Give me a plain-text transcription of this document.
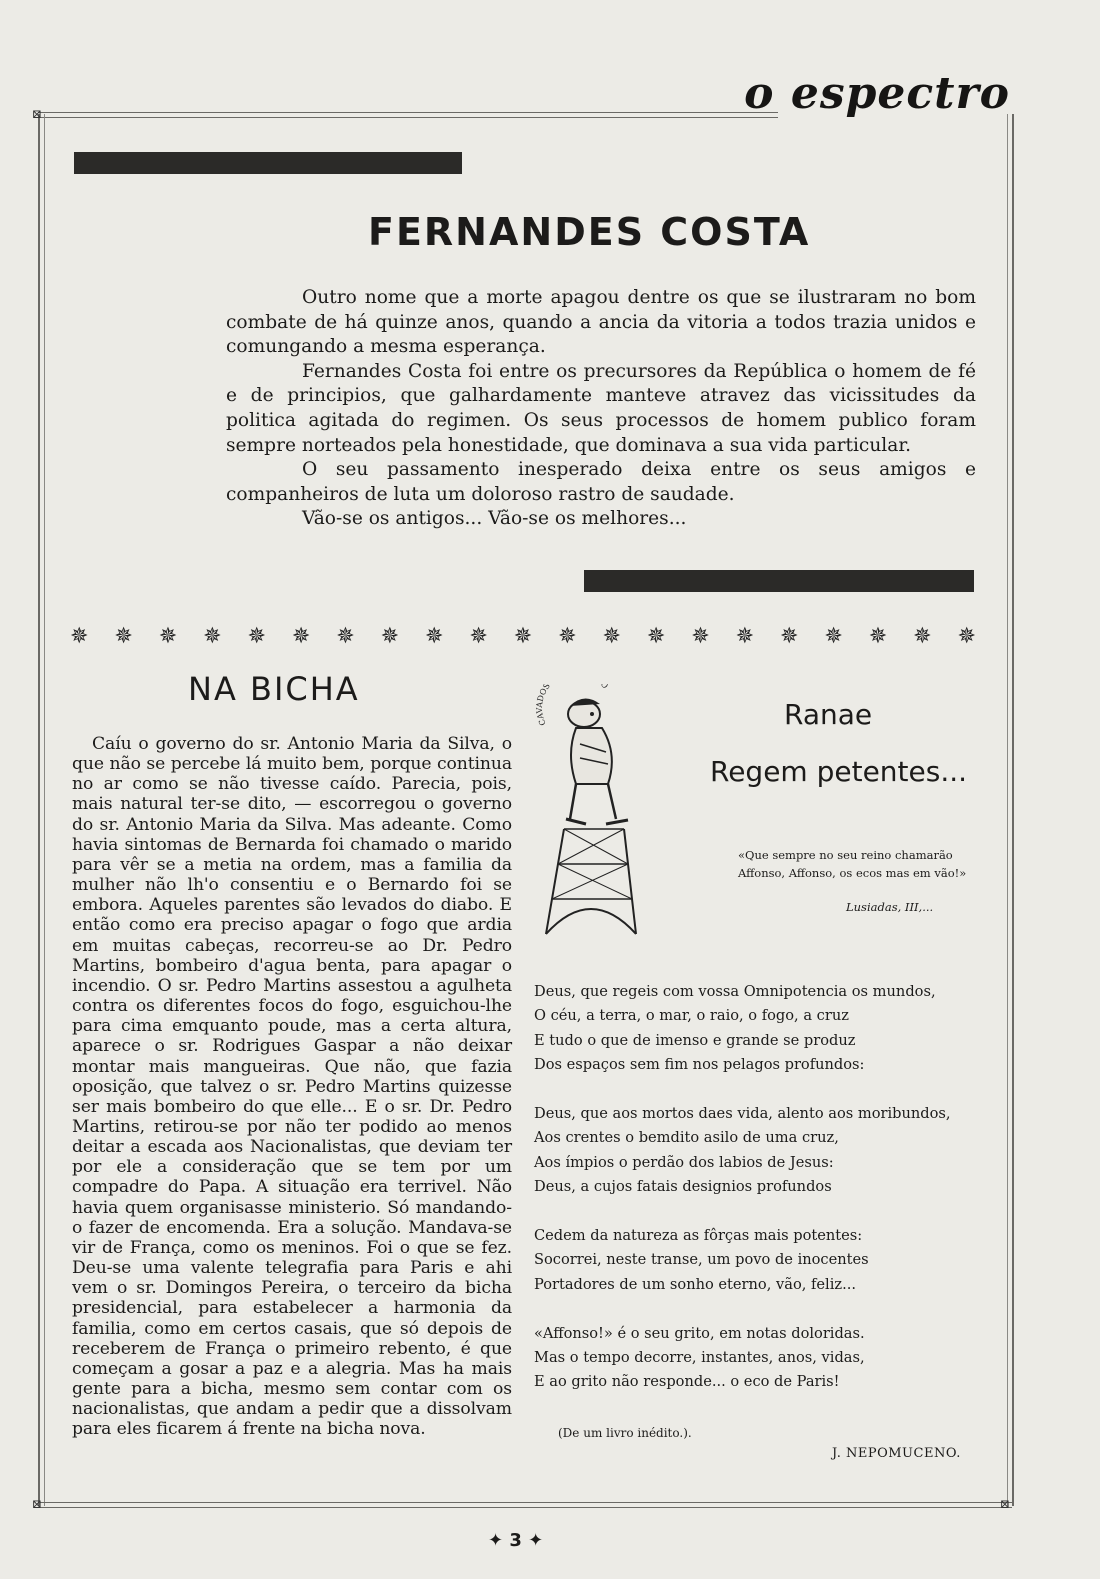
o espectro
⊠
⊠	⊠
FERNANDES COSTA

Outro nome que a morte apagou dentre os que se ilustraram no bom combate de há quinze anos, quando a ancia da vitoria a todos trazia unidos e comungando a mesma esperança.

Fernandes Costa foi entre os precursores da República o homem de fé e de principios, que galhardamente manteve atravez das vicissitudes da politica agitada do regimen. Os seus processos de homem publico foram sempre norteados pela honestidade, que dominava a sua vida particular.

O seu passamento inesperado deixa entre os seus amigos e companheiros de luta um doloroso rastro de saudade.

Vão-se os antigos... Vão-se os melhores...

✵ ✵ ✵ ✵ ✵ ✵ ✵ ✵ ✵ ✵ ✵ ✵ ✵ ✵ ✵ ✵ ✵ ✵ ✵ ✵ ✵
NA BICHA

Caíu o governo do sr. Antonio Maria da Silva, o que não se percebe lá muito bem, porque continua no ar como se não tivesse caído. Parecia, pois, mais natural ter-se dito, — escorregou o governo do sr. Antonio Maria da Silva. Mas adeante. Como havia sintomas de Bernarda foi chamado o marido para vêr se a metia na ordem, mas a familia da mulher não lh'o consentiu e o Bernardo foi se embora. Aqueles parentes são levados do diabo. E então como era preciso apagar o fogo que ardia em muitas cabeças, recorreu-se ao Dr. Pedro Martins, bombeiro d'agua benta, para apagar o incendio. O sr. Pedro Martins assestou a agulheta contra os diferentes focos do fogo, esguichou-lhe para cima emquanto poude, mas a certa altura, aparece o sr. Rodrigues Gaspar a não deixar montar mais mangueiras. Que não, que fazia oposição, que talvez o sr. Pedro Martins quizesse ser mais bombeiro do que elle... E o sr. Dr. Pedro Martins, retirou-se por não ter podido ao menos deitar a escada aos Nacionalistas, que deviam ter por ele a consideração que se tem por um compadre do Papa. A situação era terrivel. Não havia quem organisasse ministerio. Só mandando-o fazer de encomenda. Era a solução. Mandava-se vir de França, como os meninos. Foi o que se fez. Deu-se uma valente telegrafia para Paris e ahi vem o sr. Domingos Pereira, o terceiro da bicha presidencial, para estabelecer a harmonia da familia, como em certos casais, que só depois de receberem de França o primeiro rebento, é que começam a gosar a paz e a alegria. Mas ha mais gente para a bicha, mesmo sem contar com os nacionalistas, que andam a pedir que a dissolvam para eles ficarem á frente na bicha nova.

CA DOS O
Ranae
Regem petentes...
«Que sempre no seu reino chamarão
Affonso, Affonso, os ecos mas em vão!»
Lusiadas, III,...
Deus, que regeis com vossa Omnipotencia os mundos,
O céu, a terra, o mar, o raio, o fogo, a cruz
E tudo o que de imenso e grande se produz
Dos espaços sem fim nos pelagos profundos:
Deus, que aos mortos daes vida, alento aos moribundos,
Aos crentes o bemdito asilo de uma cruz,
Aos ímpios o perdão dos labios de Jesus:
Deus, a cujos fatais designios profundos
Cedem da natureza as fôrças mais potentes:
Socorrei, neste transe, um povo de inocentes
Portadores de um sonho eterno, vão, feliz...
«Affonso!» é o seu grito, em notas doloridas.
Mas o tempo decorre, instantes, anos, vidas,
E ao grito não responde... o eco de Paris!
(De um livro inédito.).
J. NEPOMUCENO.
✦ 3 ✦
